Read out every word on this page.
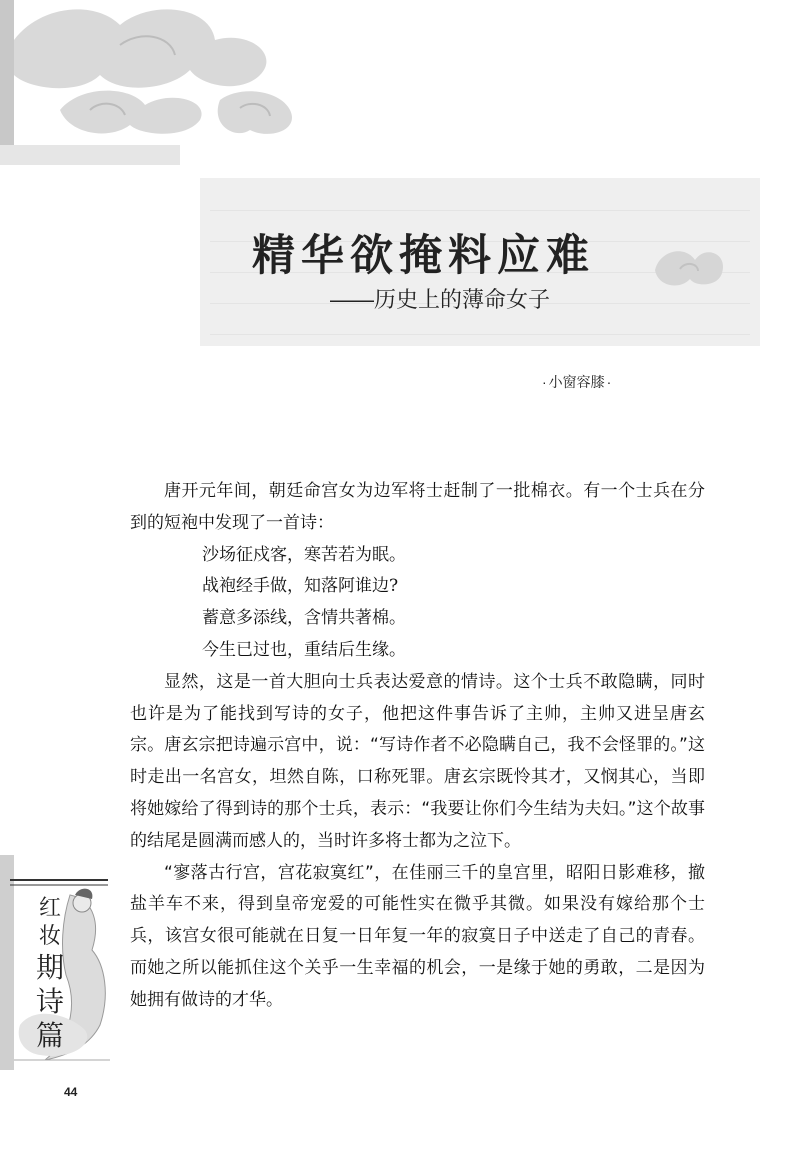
精华欲掩料应难
——历史上的薄命女子
· 小窗容膝 ·

唐开元年间，朝廷命宫女为边军将士赶制了一批棉衣。有一个士兵在分到的短袍中发现了一首诗：

沙场征戍客，寒苦若为眠。
战袍经手做，知落阿谁边?
蓄意多添线，含情共著棉。
今生已过也，重结后生缘。

显然，这是一首大胆向士兵表达爱意的情诗。这个士兵不敢隐瞒，同时也许是为了能找到写诗的女子，他把这件事告诉了主帅，主帅又进呈唐玄宗。唐玄宗把诗遍示宫中，说：“写诗作者不必隐瞒自己，我不会怪罪的。”这时走出一名宫女，坦然自陈，口称死罪。唐玄宗既怜其才，又悯其心，当即将她嫁给了得到诗的那个士兵，表示：“我要让你们今生结为夫妇。”这个故事的结尾是圆满而感人的，当时许多将士都为之泣下。

“寥落古行宫，宫花寂寞红”，在佳丽三千的皇宫里，昭阳日影难移，撤盐羊车不来，得到皇帝宠爱的可能性实在微乎其微。如果没有嫁给那个士兵，该宫女很可能就在日复一日年复一年的寂寞日子中送走了自己的青春。而她之所以能抓住这个关乎一生幸福的机会，一是缘于她的勇敢，二是因为她拥有做诗的才华。

红
妆
期
诗
篇
44
